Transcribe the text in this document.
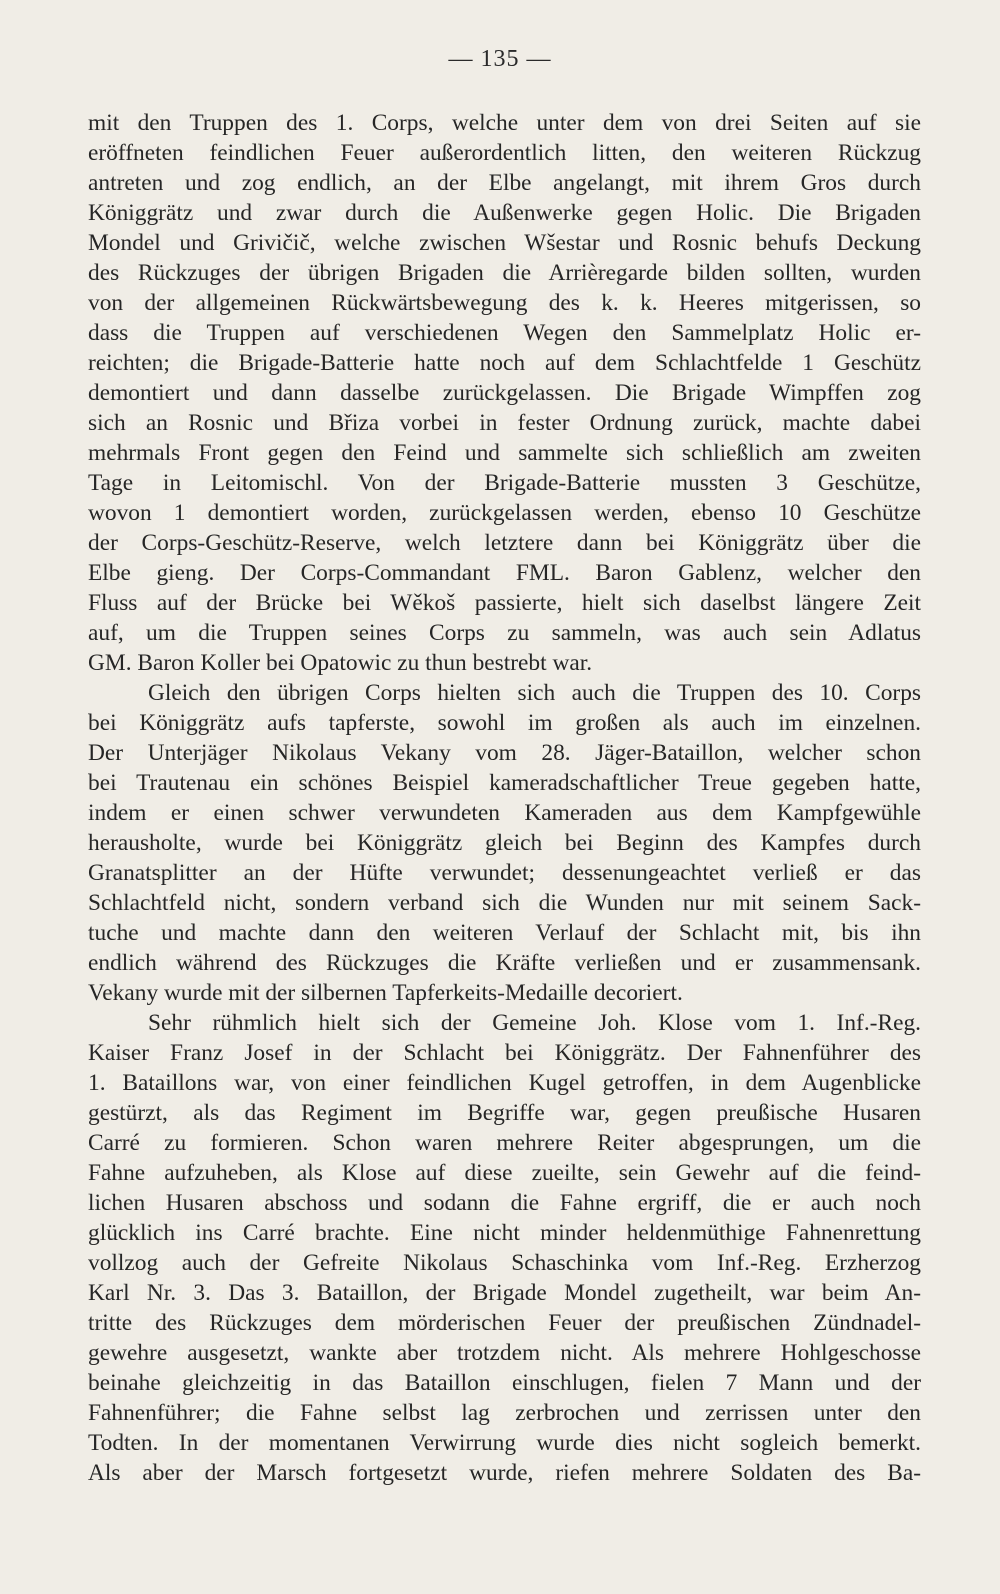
— 135 —
mit den Truppen des 1. Corps, welche unter dem von drei Seiten auf sie
eröffneten feindlichen Feuer außerordentlich litten, den weiteren Rückzug
antreten und zog endlich, an der Elbe angelangt, mit ihrem Gros durch
Königgrätz und zwar durch die Außenwerke gegen Holic. Die Brigaden
Mondel und Grivičič, welche zwischen Wšestar und Rosnic behufs Deckung
des Rückzuges der übrigen Brigaden die Arrièregarde bilden sollten, wurden
von der allgemeinen Rückwärtsbewegung des k. k. Heeres mitgerissen, so
dass die Truppen auf verschiedenen Wegen den Sammelplatz Holic er-
reichten; die Brigade-Batterie hatte noch auf dem Schlachtfelde 1 Geschütz
demontiert und dann dasselbe zurückgelassen. Die Brigade Wimpffen zog
sich an Rosnic und Břiza vorbei in fester Ordnung zurück, machte dabei
mehrmals Front gegen den Feind und sammelte sich schließlich am zweiten
Tage in Leitomischl. Von der Brigade-Batterie mussten 3 Geschütze,
wovon 1 demontiert worden, zurückgelassen werden, ebenso 10 Geschütze
der Corps-Geschütz-Reserve, welch letztere dann bei Königgrätz über die
Elbe gieng. Der Corps-Commandant FML. Baron Gablenz, welcher den
Fluss auf der Brücke bei Wěkoš passierte, hielt sich daselbst längere Zeit
auf, um die Truppen seines Corps zu sammeln, was auch sein Adlatus
GM. Baron Koller bei Opatowic zu thun bestrebt war.
Gleich den übrigen Corps hielten sich auch die Truppen des 10. Corps
bei Königgrätz aufs tapferste, sowohl im großen als auch im einzelnen.
Der Unterjäger Nikolaus Vekany vom 28. Jäger-Bataillon, welcher schon
bei Trautenau ein schönes Beispiel kameradschaftlicher Treue gegeben hatte,
indem er einen schwer verwundeten Kameraden aus dem Kampfgewühle
herausholte, wurde bei Königgrätz gleich bei Beginn des Kampfes durch
Granatsplitter an der Hüfte verwundet; dessenungeachtet verließ er das
Schlachtfeld nicht, sondern verband sich die Wunden nur mit seinem Sack-
tuche und machte dann den weiteren Verlauf der Schlacht mit, bis ihn
endlich während des Rückzuges die Kräfte verließen und er zusammensank.
Vekany wurde mit der silbernen Tapferkeits-Medaille decoriert.
Sehr rühmlich hielt sich der Gemeine Joh. Klose vom 1. Inf.-Reg.
Kaiser Franz Josef in der Schlacht bei Königgrätz. Der Fahnenführer des
1. Bataillons war, von einer feindlichen Kugel getroffen, in dem Augenblicke
gestürzt, als das Regiment im Begriffe war, gegen preußische Husaren
Carré zu formieren. Schon waren mehrere Reiter abgesprungen, um die
Fahne aufzuheben, als Klose auf diese zueilte, sein Gewehr auf die feind-
lichen Husaren abschoss und sodann die Fahne ergriff, die er auch noch
glücklich ins Carré brachte. Eine nicht minder heldenmüthige Fahnenrettung
vollzog auch der Gefreite Nikolaus Schaschinka vom Inf.-Reg. Erzherzog
Karl Nr. 3. Das 3. Bataillon, der Brigade Mondel zugetheilt, war beim An-
tritte des Rückzuges dem mörderischen Feuer der preußischen Zündnadel-
gewehre ausgesetzt, wankte aber trotzdem nicht. Als mehrere Hohlgeschosse
beinahe gleichzeitig in das Bataillon einschlugen, fielen 7 Mann und der
Fahnenführer; die Fahne selbst lag zerbrochen und zerrissen unter den
Todten. In der momentanen Verwirrung wurde dies nicht sogleich bemerkt.
Als aber der Marsch fortgesetzt wurde, riefen mehrere Soldaten des Ba-
